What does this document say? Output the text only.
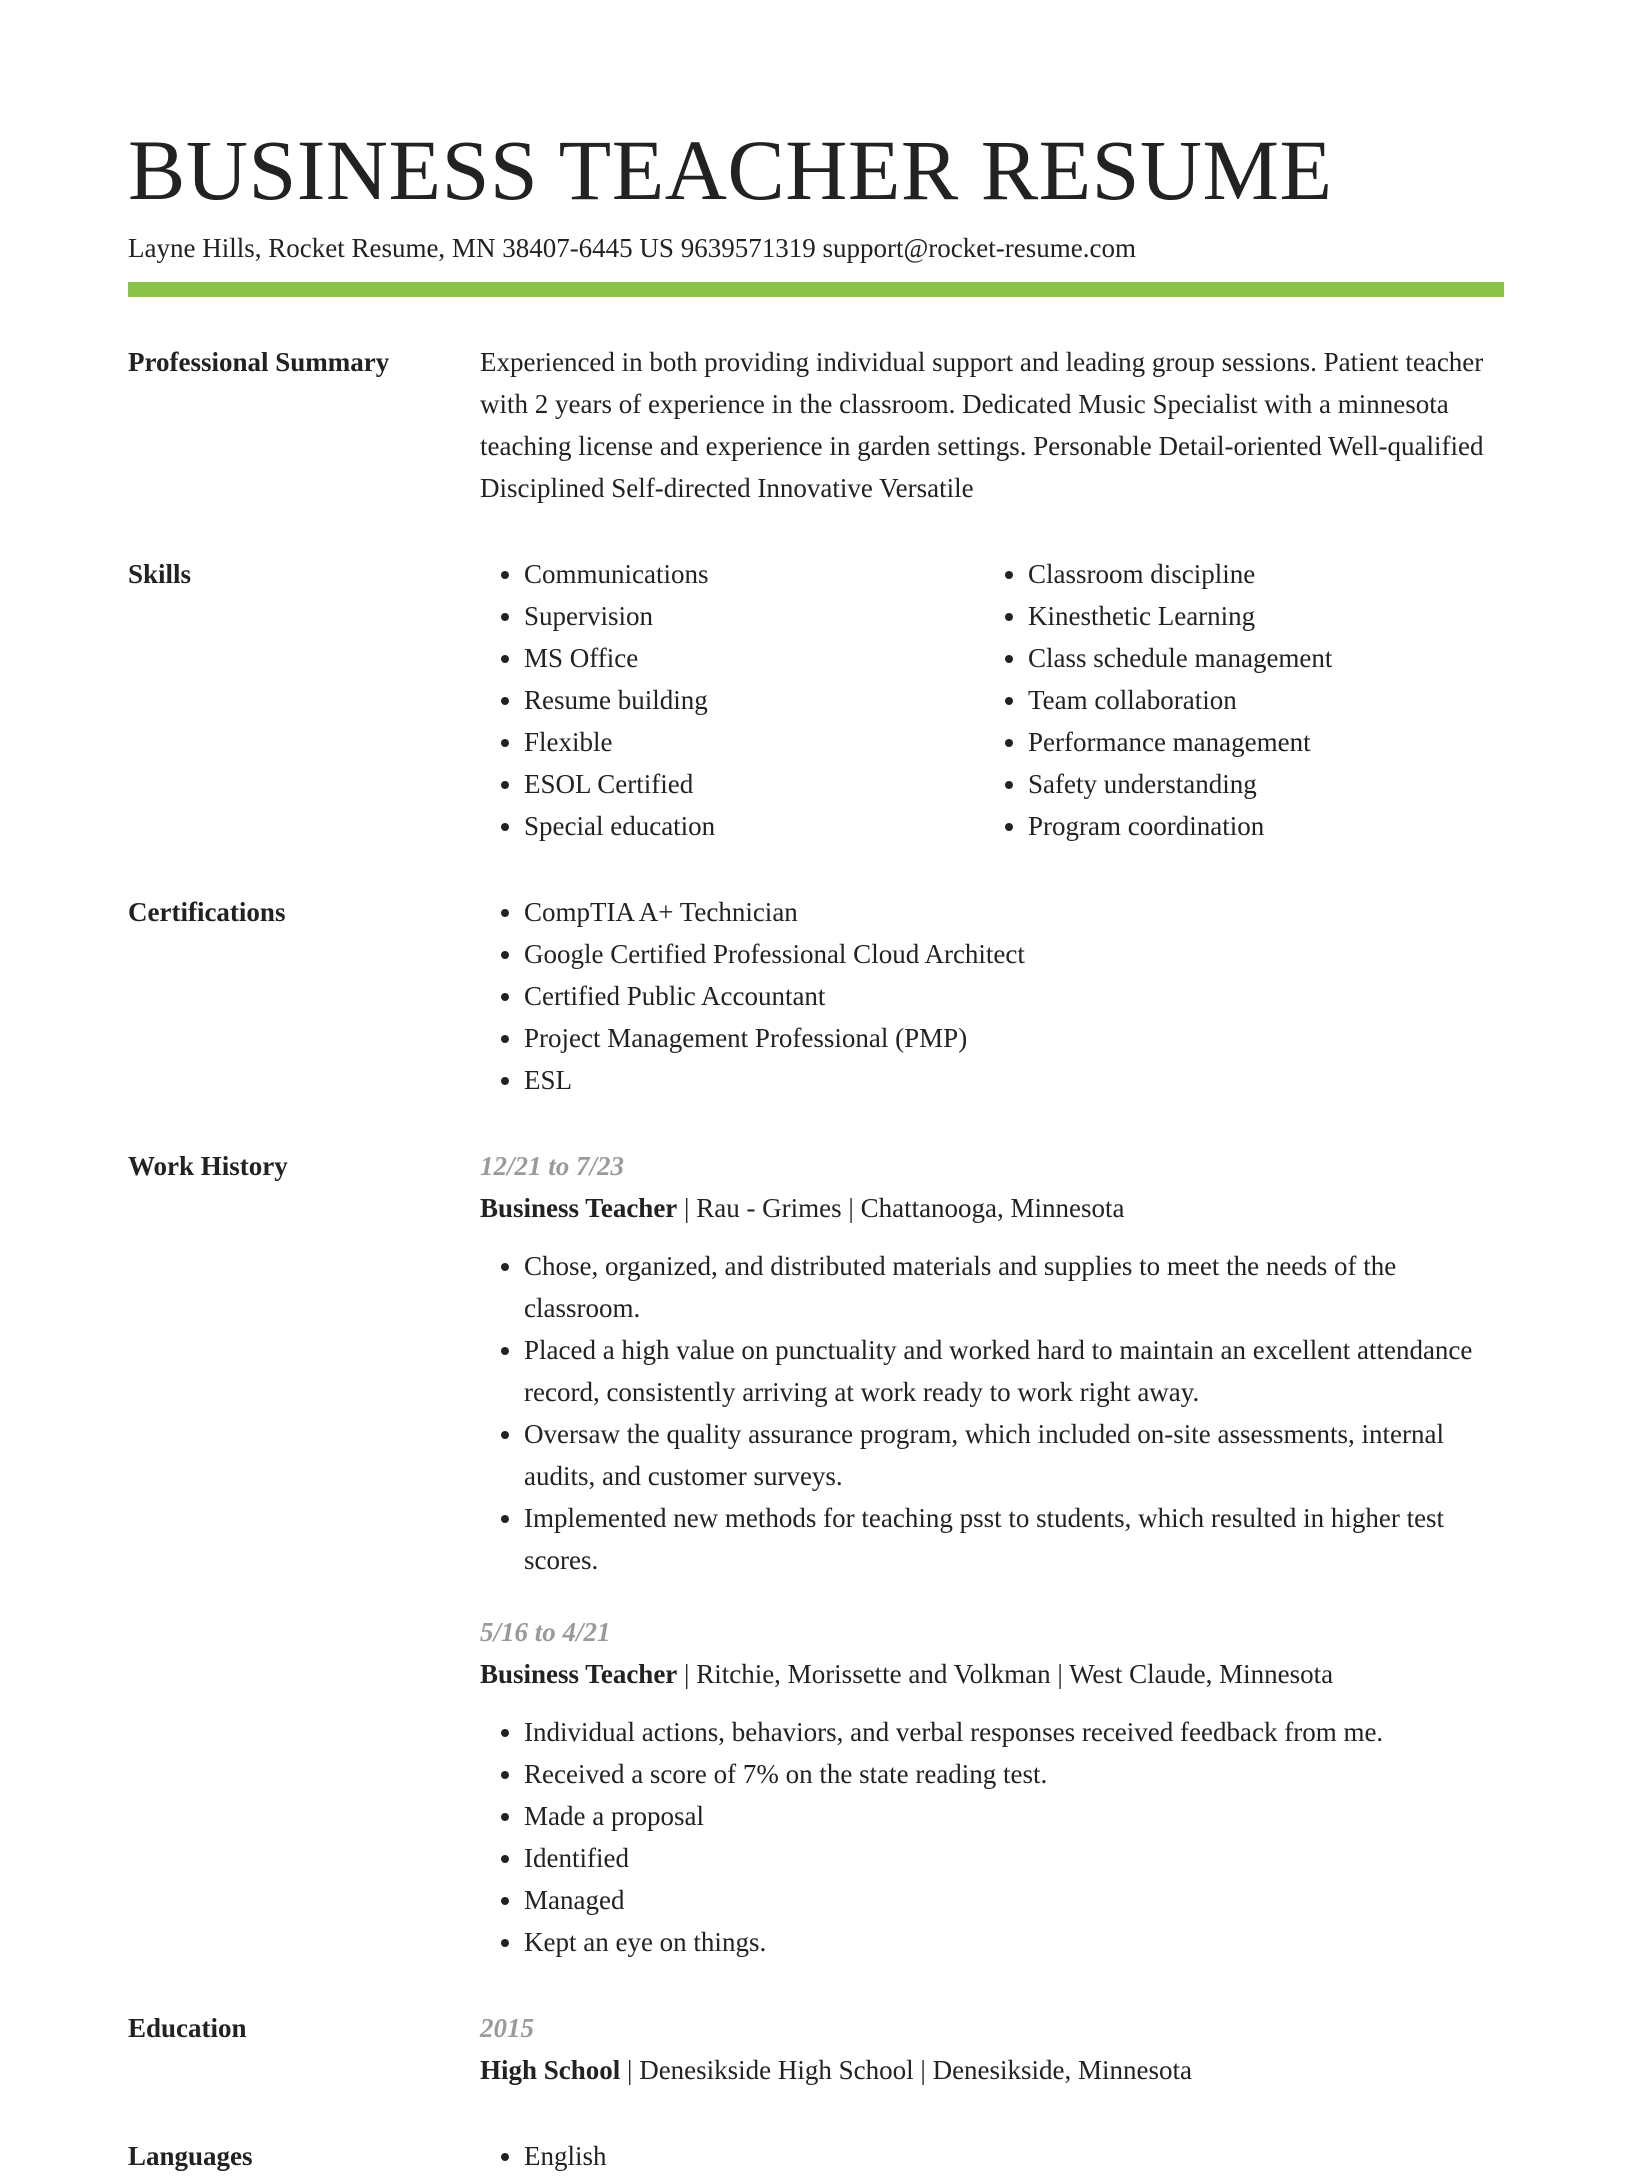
BUSINESS TEACHER RESUME
Layne Hills, Rocket Resume, MN 38407-6445 US 9639571319 support@rocket-resume.com
Professional Summary	Experienced in both providing individual support and leading group sessions. Patient teacher with 2 years of experience in the classroom. Dedicated Music Specialist with a minnesota teaching license and experience in garden settings. Personable Detail-oriented Well-qualified Disciplined Self-directed Innovative Versatile

Skills	• Communications
• Supervision
• MS Office
• Resume building
• Flexible
• ESOL Certified
• Special education
• Classroom discipline
• Kinesthetic Learning
• Class schedule management
• Team collaboration
• Performance management
• Safety understanding
• Program coordination
Certifications	• CompTIA A+ Technician
• Google Certified Professional Cloud Architect
• Certified Public Accountant
• Project Management Professional (PMP)
• ESL
Work History	12/21 to 7/23
Business Teacher | Rau - Grimes | Chattanooga, Minnesota
• Chose, organized, and distributed materials and supplies to meet the needs of the classroom.
• Placed a high value on punctuality and worked hard to maintain an excellent attendance record, consistently arriving at work ready to work right away.
• Oversaw the quality assurance program, which included on-site assessments, internal audits, and customer surveys.
• Implemented new methods for teaching psst to students, which resulted in higher test scores.
5/16 to 4/21
Business Teacher | Ritchie, Morissette and Volkman | West Claude, Minnesota
• Individual actions, behaviors, and verbal responses received feedback from me.
• Received a score of 7% on the state reading test.
• Made a proposal
• Identified
• Managed
• Kept an eye on things.
Education	2015
High School | Denesikside High School | Denesikside, Minnesota
Languages	• English
